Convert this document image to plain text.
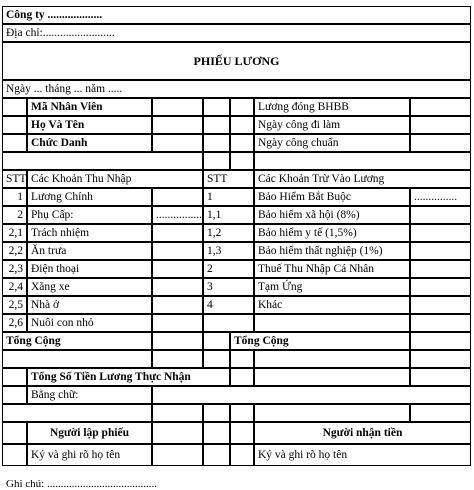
Công ty ...................
Địa chỉ:.........................
PHIẾU LƯƠNG
Ngày ... tháng ... năm .....
Mã Nhân Viên	Lương đóng BHBB
Họ Và Tên	Ngày công đi làm
Chức Danh	Ngày công chuẩn
STT Các Khoản Thu Nhập	STT	Các Khoản Trừ Vào Lương
1 Lương Chính	1	Bảo Hiểm Bắt Buộc	...............
2 Phụ Cấp:	................ 1,1	Bảo hiểm xã hội (8%)
2,1 Trách nhiệm	1,2	Bảo hiểm y tế (1,5%)
2,2 Ăn trưa	1,3	Bảo hiểm thất nghiệp (1%)
2,3 Điện thoại	2	Thuế Thu Nhập Cá Nhân
2,4 Xăng xe	3	Tạm Ứng
2,5 Nhà ở	4	Khác
2,6 Nuôi con nhỏ
Tổng Cộng	Tổng Cộng
Tổng Số Tiền Lương Thực Nhận
Bằng chữ:
Người lập phiếu	Người nhận tiền
Ký và ghi rõ họ tên	Ký và ghi rõ họ tên
Ghi chú: ........................................
